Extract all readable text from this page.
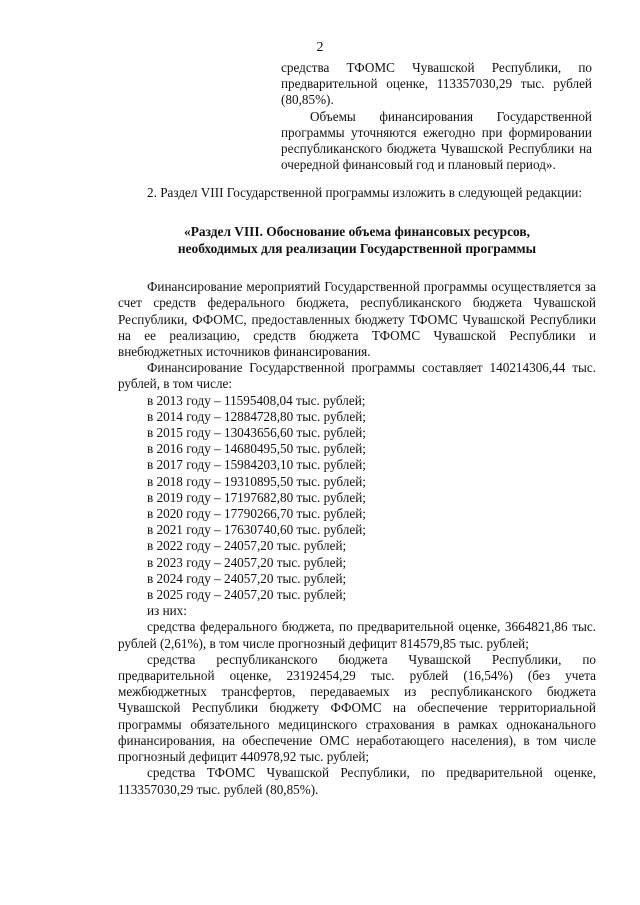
2

средства ТФОМС Чувашской Республики, по предварительной оценке, 113357030,29 тыс. рублей (80,85%).

Объемы финансирования Государственной программы уточняются ежегодно при формировании республиканского бюджета Чувашской Республики на очередной финансовый год и плановый период».

2. Раздел VIII Государственной программы изложить в следующей редакции:

«Раздел VIII. Обоснование объема финансовых ресурсов,
необходимых для реализации Государственной программы

Финансирование мероприятий Государственной программы осуществляется за счет средств федерального бюджета, республиканского бюджета Чувашской Республики, ФФОМС, предоставленных бюджету ТФОМС Чувашской Республики на ее реализацию, средств бюджета ТФОМС Чувашской Республики и внебюджетных источников финансирования.

Финансирование Государственной программы составляет 140214306,44 тыс. рублей, в том числе:

в 2013 году – 11595408,04 тыс. рублей;

в 2014 году – 12884728,80 тыс. рублей;

в 2015 году – 13043656,60 тыс. рублей;

в 2016 году – 14680495,50 тыс. рублей;

в 2017 году – 15984203,10 тыс. рублей;

в 2018 году – 19310895,50 тыс. рублей;

в 2019 году – 17197682,80 тыс. рублей;

в 2020 году – 17790266,70 тыс. рублей;

в 2021 году – 17630740,60 тыс. рублей;

в 2022 году – 24057,20 тыс. рублей;

в 2023 году – 24057,20 тыс. рублей;

в 2024 году – 24057,20 тыс. рублей;

в 2025 году – 24057,20 тыс. рублей;

из них:

средства федерального бюджета, по предварительной оценке, 3664821,86 тыс. рублей (2,61%), в том числе прогнозный дефицит 814579,85 тыс. рублей;

средства республиканского бюджета Чувашской Республики, по предварительной оценке, 23192454,29 тыс. рублей (16,54%) (без учета межбюджетных трансфертов, передаваемых из республиканского бюджета Чувашской Республики бюджету ФФОМС на обеспечение территориальной программы обязательного медицинского страхования в рамках одноканального финансирования, на обеспечение ОМС неработающего населения), в том числе прогнозный дефицит 440978,92 тыс. рублей;

средства ТФОМС Чувашской Республики, по предварительной оценке, 113357030,29 тыс. рублей (80,85%).
